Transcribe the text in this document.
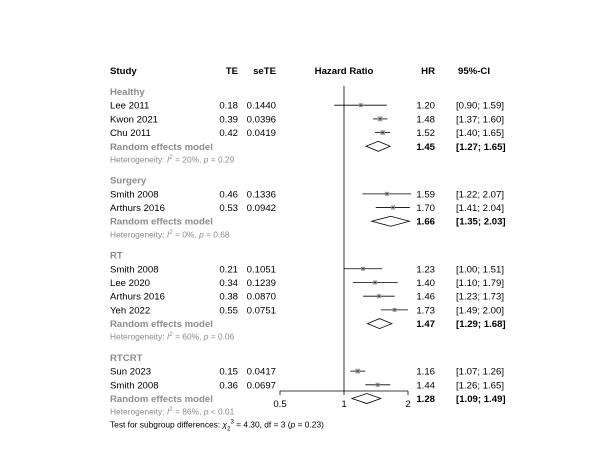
Study	TE seTE	Hazard Ratio	HR 95%-CI
Healthy
Lee 2011	0.18 0.1440	1.20 [0.90; 1.59]
Kwon 2021	0.39 0.0396	1.48 [1.37; 1.60]
Chu 2011	0.42 0.0419	1.52 [1.40; 1.65]
Random effects model	1.45 [1.27; 1.65]
Heterogeneity: $I^2 = 20\%$, p = 0.29
Surgery
Smith 2008	0.46 0.1336	1.59 [1.22; 2.07]
Arthurs 2016	0.53 0.0942	1.70 [1.41; 2.04]
Random effects model	1.66 [1.35; 2.03]
Heterogeneity: $I^2 = 0\%$, p = 0.68
RT
Smith 2008	0.21 0.1051	1.23 [1.00; 1.51]
Lee 2020	0.34 0.1239	1.40 [1.10; 1.79]
Arthurs 2016	0.38 0.0870	1.46 [1.23; 1.73]
Yeh 2022	0.55 0.0751	1.73 [1.49; 2.00]
Random effects model	1.47 [1.29; 1.68]
Heterogeneity: $I^2 = 60\%$, p = 0.06
RTCRT
Sun 2023	0.15 0.0417	1.16 [1.07; 1.26]
Smith 2008	0.36 0.0697	1.44 [1.26; 1.65]
Random effects model	1.28 [1.09; 1.49]
Heterogeneity: $I^2 = 86\%$, p < 0.01
Test for subgroup differences: $\chi_2^3 = 4.30$, df = 3 (p = 0.23)
0.5	1	2
